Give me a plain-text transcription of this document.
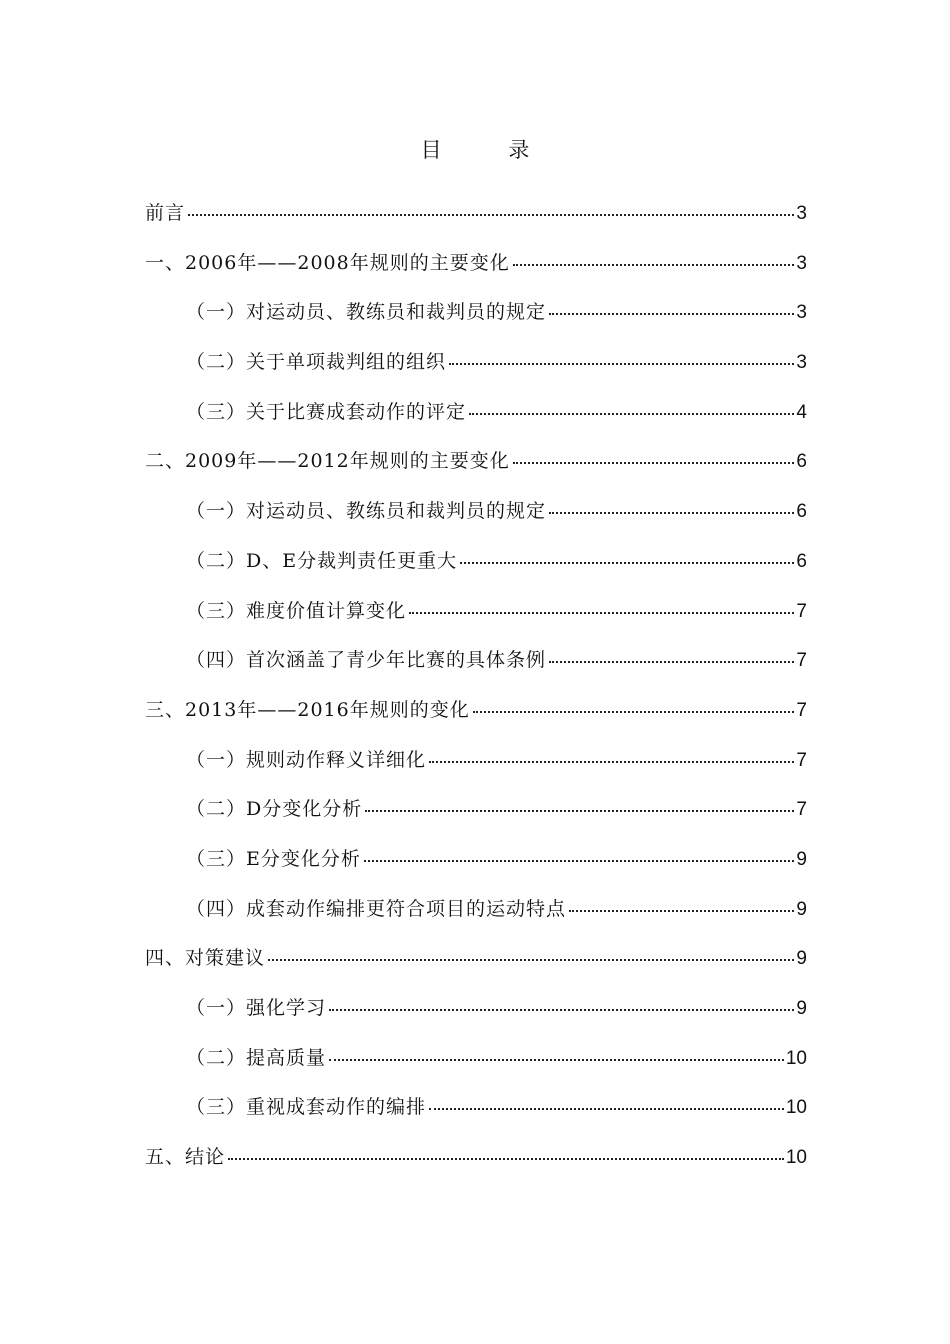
目 录
前言	3
一、2006年——2008年规则的主要变化	3
（一）对运动员、教练员和裁判员的规定	3
（二）关于单项裁判组的组织	3
（三）关于比赛成套动作的评定	4
二、2009年——2012年规则的主要变化	6
（一）对运动员、教练员和裁判员的规定	6
（二）D、E分裁判责任更重大	6
（三）难度价值计算变化	7
（四）首次涵盖了青少年比赛的具体条例	7
三、2013年——2016年规则的变化	7
（一）规则动作释义详细化	7
（二）D分变化分析	7
（三）E分变化分析	9
（四）成套动作编排更符合项目的运动特点	9
四、对策建议	9
（一）强化学习	9
（二）提高质量	10
（三）重视成套动作的编排	10
五、结论	10
